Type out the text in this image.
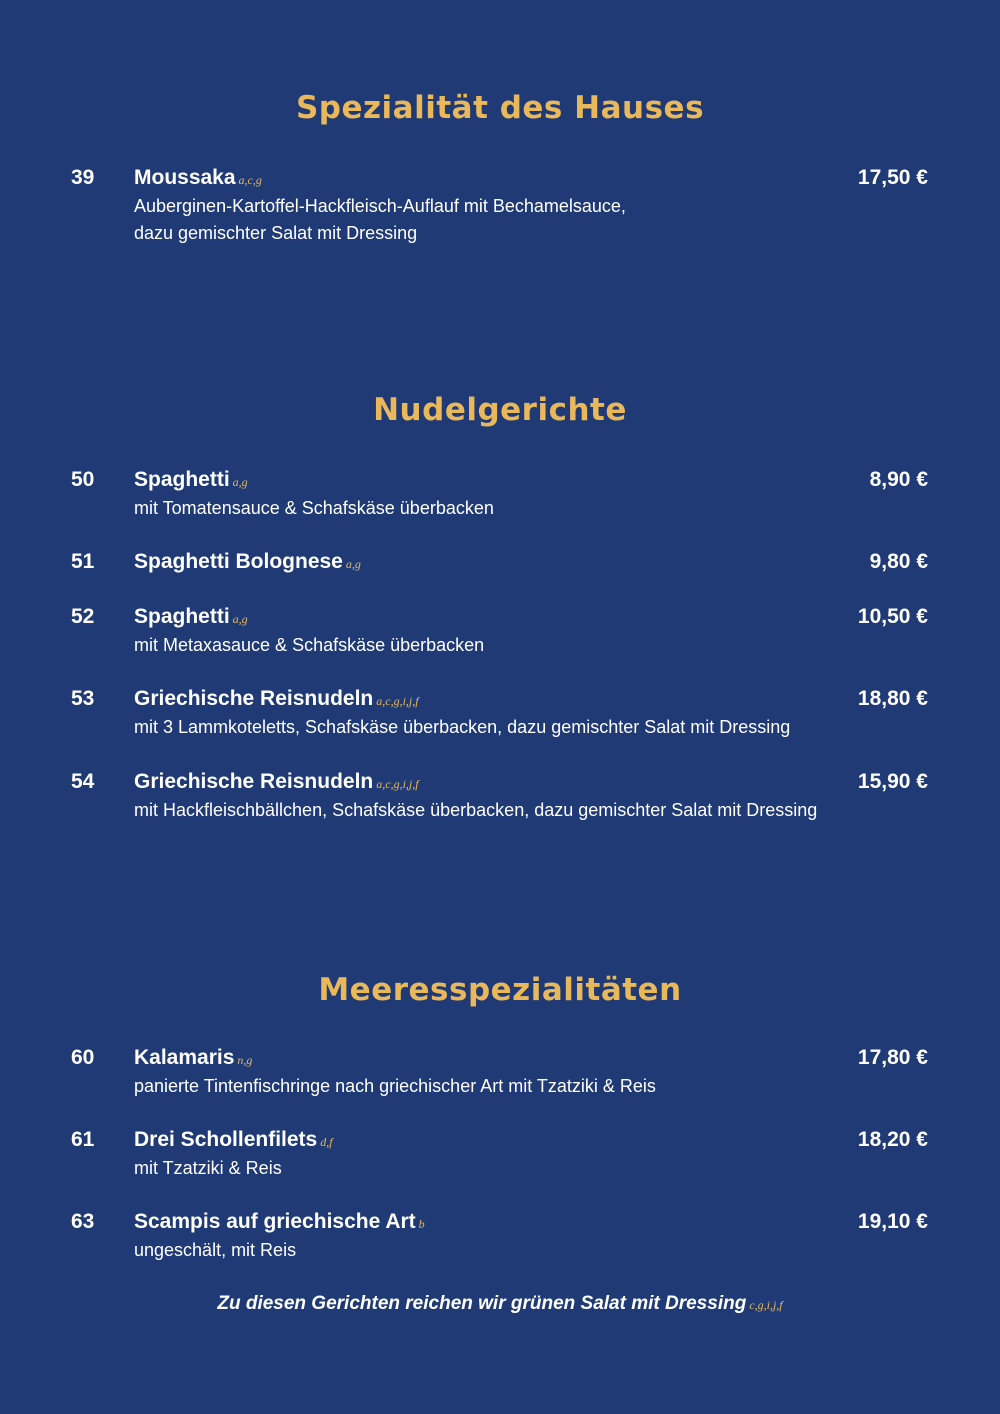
Spezialität des Hauses
39 Moussaka a,c,g	17,50 €
Auberginen-Kartoffel-Hackfleisch-Auflauf mit Bechamelsauce,
dazu gemischter Salat mit Dressing
Nudelgerichte
50 Spaghetti a,g	8,90 €
mit Tomatensauce & Schafskäse überbacken
51 Spaghetti Bolognese a,g	9,80 €
52 Spaghetti a,g	10,50 €
mit Metaxasauce & Schafskäse überbacken
53 Griechische Reisnudeln a,c,g,i,j,f	18,80 €
mit 3 Lammkoteletts, Schafskäse überbacken, dazu gemischter Salat mit Dressing
54 Griechische Reisnudeln a,c,g,i,j,f	15,90 €
mit Hackfleischbällchen, Schafskäse überbacken, dazu gemischter Salat mit Dressing
Meeresspezialitäten
60 Kalamaris n,g	17,80 €
panierte Tintenfischringe nach griechischer Art mit Tzatziki & Reis
61 Drei Schollenfilets d,f	18,20 €
mit Tzatziki & Reis
63 Scampis auf griechische Art b	19,10 €
ungeschält, mit Reis
Zu diesen Gerichten reichen wir grünen Salat mit Dressing c,g,i,j,f
